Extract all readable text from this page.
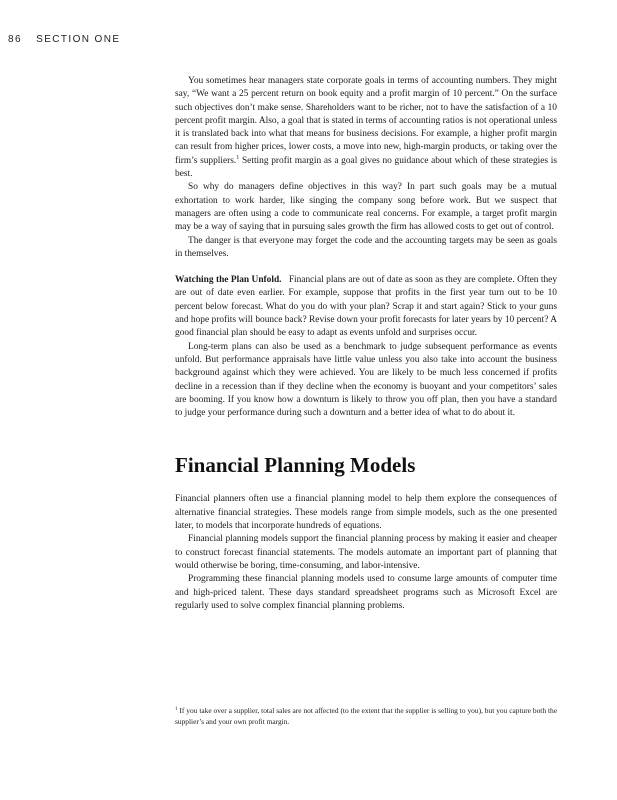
86 SECTION ONE

You sometimes hear managers state corporate goals in terms of accounting numbers. They might say, “We want a 25 percent return on book equity and a profit margin of 10 percent.” On the surface such objectives don’t make sense. Shareholders want to be richer, not to have the satisfaction of a 10 percent profit margin. Also, a goal that is stated in terms of accounting ratios is not operational unless it is translated back into what that means for business decisions. For example, a higher profit margin can result from higher prices, lower costs, a move into new, high-margin products, or taking over the firm’s suppliers.$^1$ Setting profit margin as a goal gives no guidance about which of these strategies is best.

So why do managers define objectives in this way? In part such goals may be a mutual exhortation to work harder, like singing the company song before work. But we suspect that managers are often using a code to communicate real concerns. For example, a target profit margin may be a way of saying that in pursuing sales growth the firm has allowed costs to get out of control.

The danger is that everyone may forget the code and the accounting targets may be seen as goals in themselves.

Watching the Plan Unfold. Financial plans are out of date as soon as they are complete. Often they are out of date even earlier. For example, suppose that profits in the first year turn out to be 10 percent below forecast. What do you do with your plan? Scrap it and start again? Stick to your guns and hope profits will bounce back? Revise down your profit forecasts for later years by 10 percent? A good financial plan should be easy to adapt as events unfold and surprises occur.

Long-term plans can also be used as a benchmark to judge subsequent performance as events unfold. But performance appraisals have little value unless you also take into account the business background against which they were achieved. You are likely to be much less concerned if profits decline in a recession than if they decline when the economy is buoyant and your competitors’ sales are booming. If you know how a downturn is likely to throw you off plan, then you have a standard to judge your performance during such a downturn and a better idea of what to do about it.

Financial Planning Models

Financial planners often use a financial planning model to help them explore the consequences of alternative financial strategies. These models range from simple models, such as the one presented later, to models that incorporate hundreds of equations.

Financial planning models support the financial planning process by making it easier and cheaper to construct forecast financial statements. The models automate an important part of planning that would otherwise be boring, time-consuming, and labor-intensive.

Programming these financial planning models used to consume large amounts of computer time and high-priced talent. These days standard spreadsheet programs such as Microsoft Excel are regularly used to solve complex financial planning problems.

$^1$ If you take over a supplier, total sales are not affected (to the extent that the supplier is selling to you), but you capture both the supplier’s and your own profit margin.
